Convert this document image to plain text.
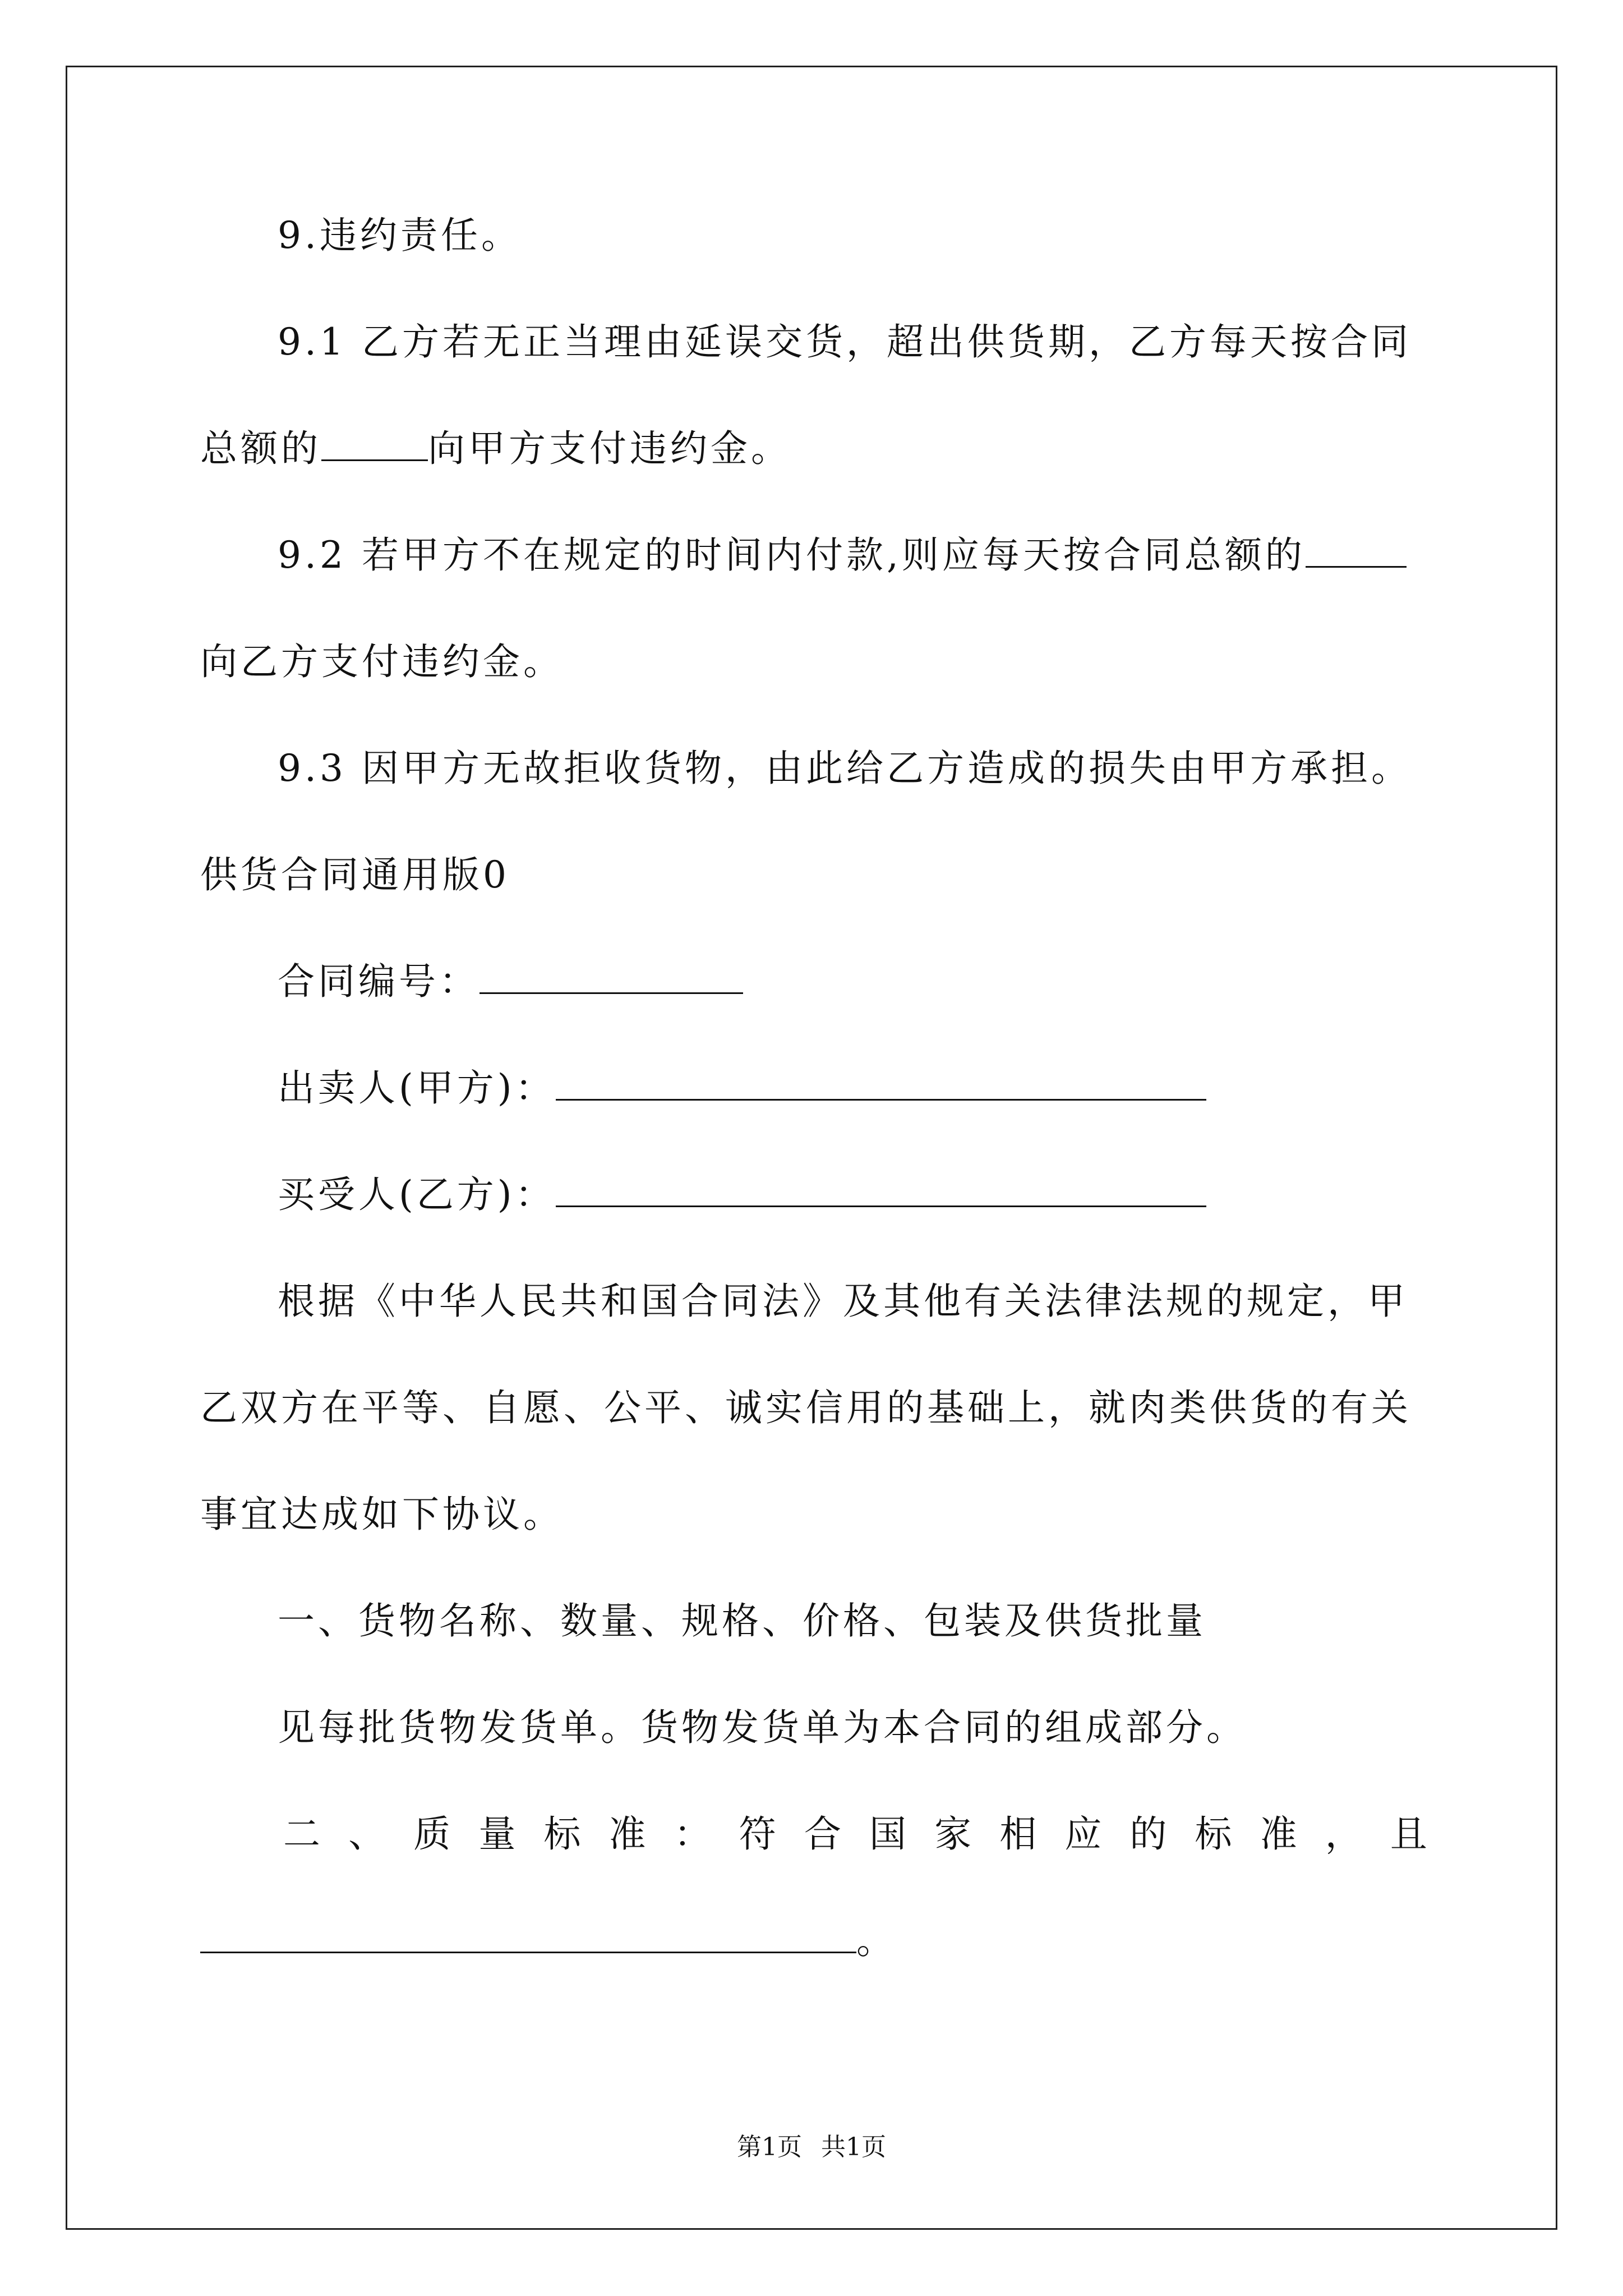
9.违约责任。
9.1 乙方若无正当理由延误交货，超出供货期，乙方每天按合同
总额的	向甲方支付违约金。
9.2 若甲方不在规定的时间内付款,则应每天按合同总额的
向乙方支付违约金。
9.3 因甲方无故拒收货物，由此给乙方造成的损失由甲方承担。
供货合同通用版0
合同编号：
出卖人(甲方)：
买受人(乙方)：
根据《中华人民共和国合同法》及其他有关法律法规的规定，甲
乙双方在平等、自愿、公平、诚实信用的基础上，就肉类供货的有关
事宜达成如下协议。
一、货物名称、数量、规格、价格、包装及供货批量
见每批货物发货单。货物发货单为本合同的组成部分。
二 、 质 量 标 准 ： 符 合 国 家 相 应 的 标 准 ， 且
。
第1页 共1页
